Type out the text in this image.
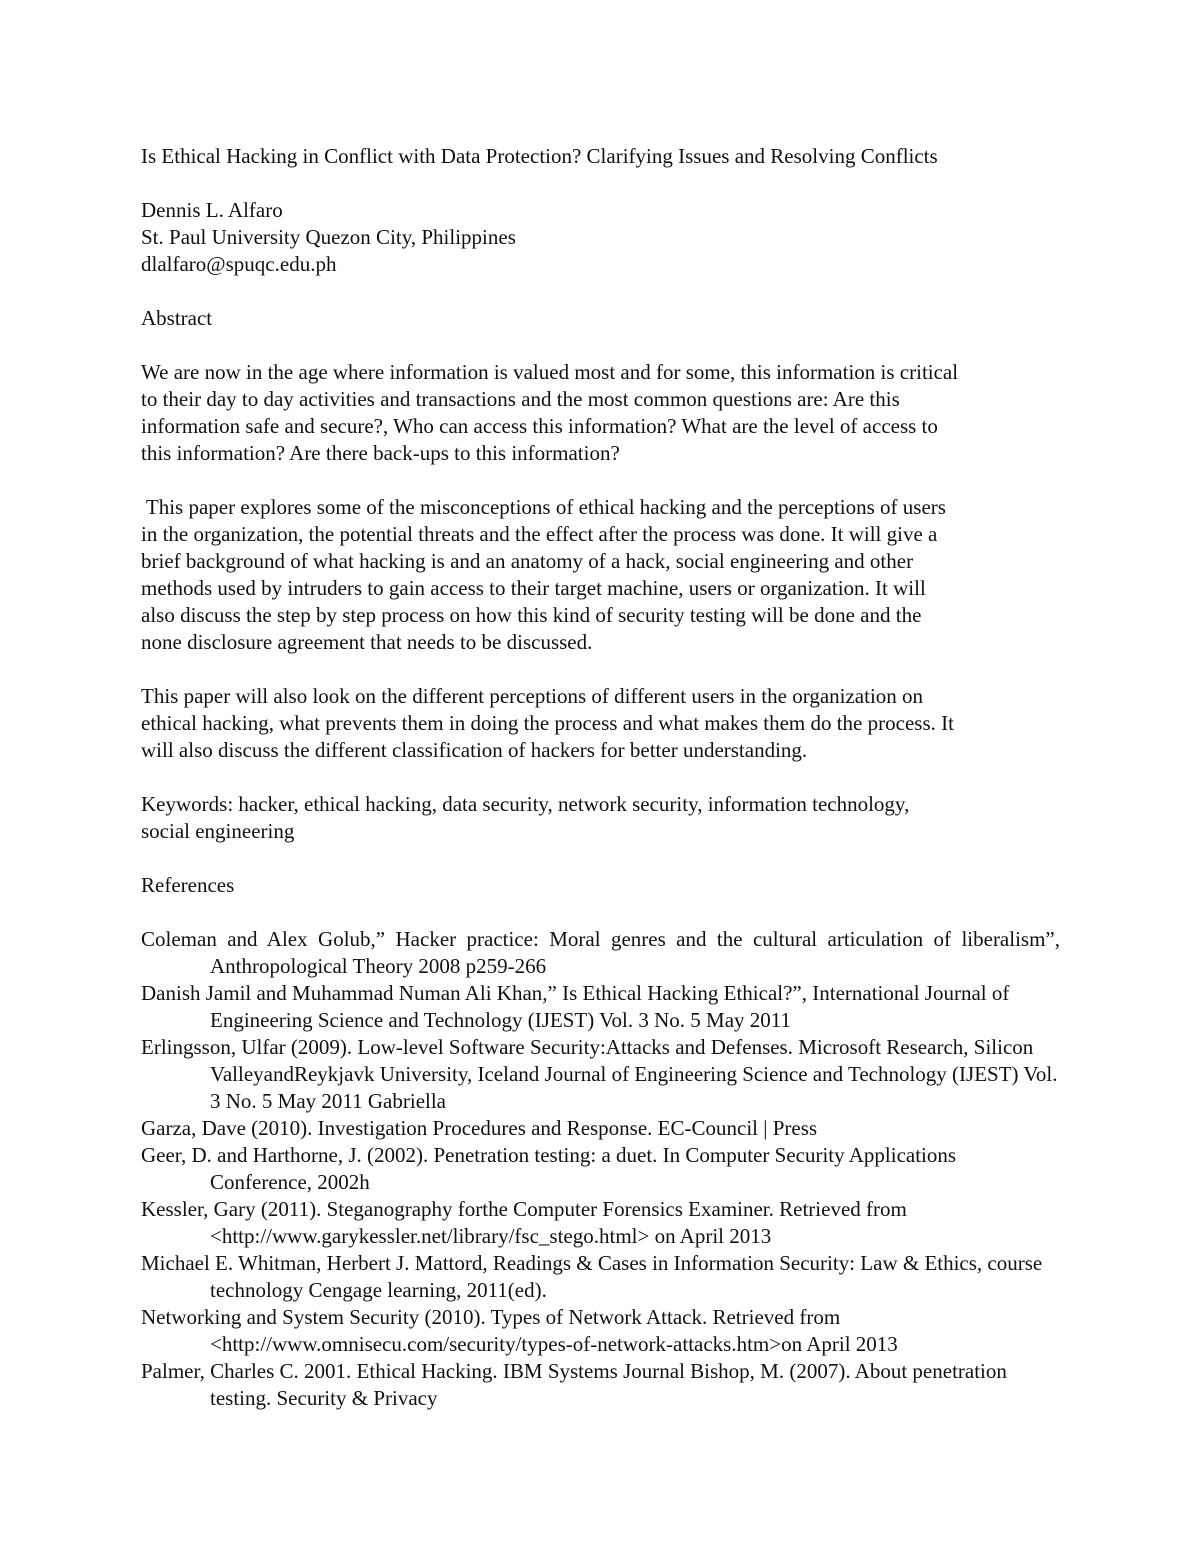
Is Ethical Hacking in Conflict with Data Protection? Clarifying Issues and Resolving Conflicts

Dennis L. Alfaro
St. Paul University Quezon City, Philippines
dlalfaro@spuqc.edu.ph

Abstract

We are now in the age where information is valued most and for some, this information is critical
to their day to day activities and transactions and the most common questions are: Are this
information safe and secure?, Who can access this information? What are the level of access to
this information? Are there back-ups to this information?
This paper explores some of the misconceptions of ethical hacking and the perceptions of users
in the organization, the potential threats and the effect after the process was done. It will give a
brief background of what hacking is and an anatomy of a hack, social engineering and other
methods used by intruders to gain access to their target machine, users or organization. It will
also discuss the step by step process on how this kind of security testing will be done and the
none disclosure agreement that needs to be discussed.
This paper will also look on the different perceptions of different users in the organization on
ethical hacking, what prevents them in doing the process and what makes them do the process. It
will also discuss the different classification of hackers for better understanding.
Keywords: hacker, ethical hacking, data security, network security, information technology,
social engineering

References

Coleman and Alex Golub,” Hacker practice: Moral genres and the cultural articulation of liberalism”, Anthropological Theory 2008 p259-266
Danish Jamil and Muhammad Numan Ali Khan,” Is Ethical Hacking Ethical?”, International Journal of Engineering Science and Technology (IJEST) Vol. 3 No. 5 May 2011
Erlingsson, Ulfar (2009). Low-level Software Security:Attacks and Defenses. Microsoft Research, Silicon ValleyandReykjavk University, Iceland Journal of Engineering Science and Technology (IJEST) Vol. 3 No. 5 May 2011 Gabriella
Garza, Dave (2010). Investigation Procedures and Response. EC-Council | Press
Geer, D. and Harthorne, J. (2002). Penetration testing: a duet. In Computer Security Applications Conference, 2002h
Kessler, Gary (2011). Steganography forthe Computer Forensics Examiner. Retrieved from <http://www.garykessler.net/library/fsc_stego.html> on April 2013
Michael E. Whitman, Herbert J. Mattord, Readings & Cases in Information Security: Law & Ethics, course technology Cengage learning, 2011(ed).
Networking and System Security (2010). Types of Network Attack. Retrieved from <http://www.omnisecu.com/security/types-of-network-attacks.htm>on April 2013
Palmer, Charles C. 2001. Ethical Hacking. IBM Systems Journal Bishop, M. (2007). About penetration testing. Security & Privacy
